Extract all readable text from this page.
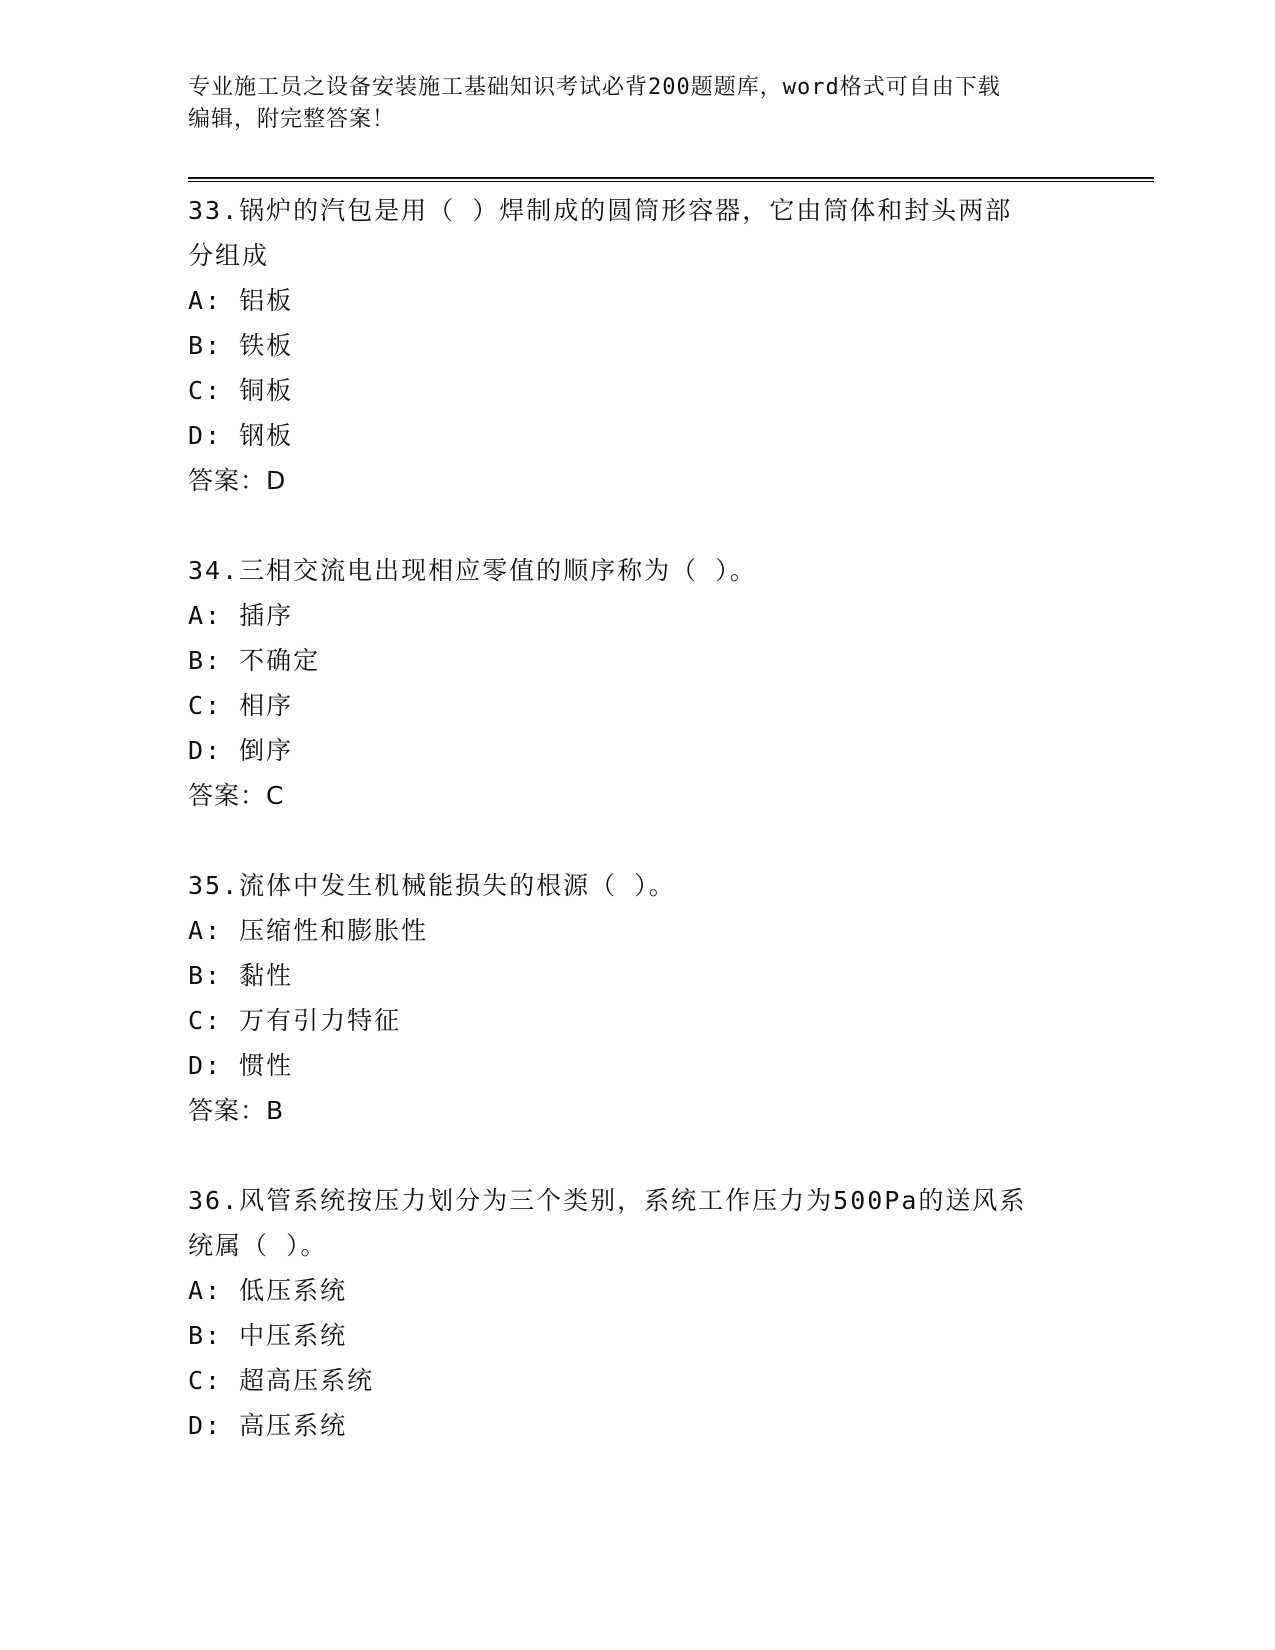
专业施工员之设备安装施工基础知识考试必背200题题库，word格式可自由下载
编辑，附完整答案！
33.锅炉的汽包是用（ ）焊制成的圆筒形容器，它由筒体和封头两部
分组成
A: 铝板
B: 铁板
C: 铜板
D: 钢板
答案：D
34.三相交流电出现相应零值的顺序称为（ ）。
A: 插序
B: 不确定
C: 相序
D: 倒序
答案：C
35.流体中发生机械能损失的根源（ ）。
A: 压缩性和膨胀性
B: 黏性
C: 万有引力特征
D: 惯性
答案：B
36.风管系统按压力划分为三个类别，系统工作压力为500Pa的送风系
统属（ ）。
A: 低压系统
B: 中压系统
C: 超高压系统
D: 高压系统
